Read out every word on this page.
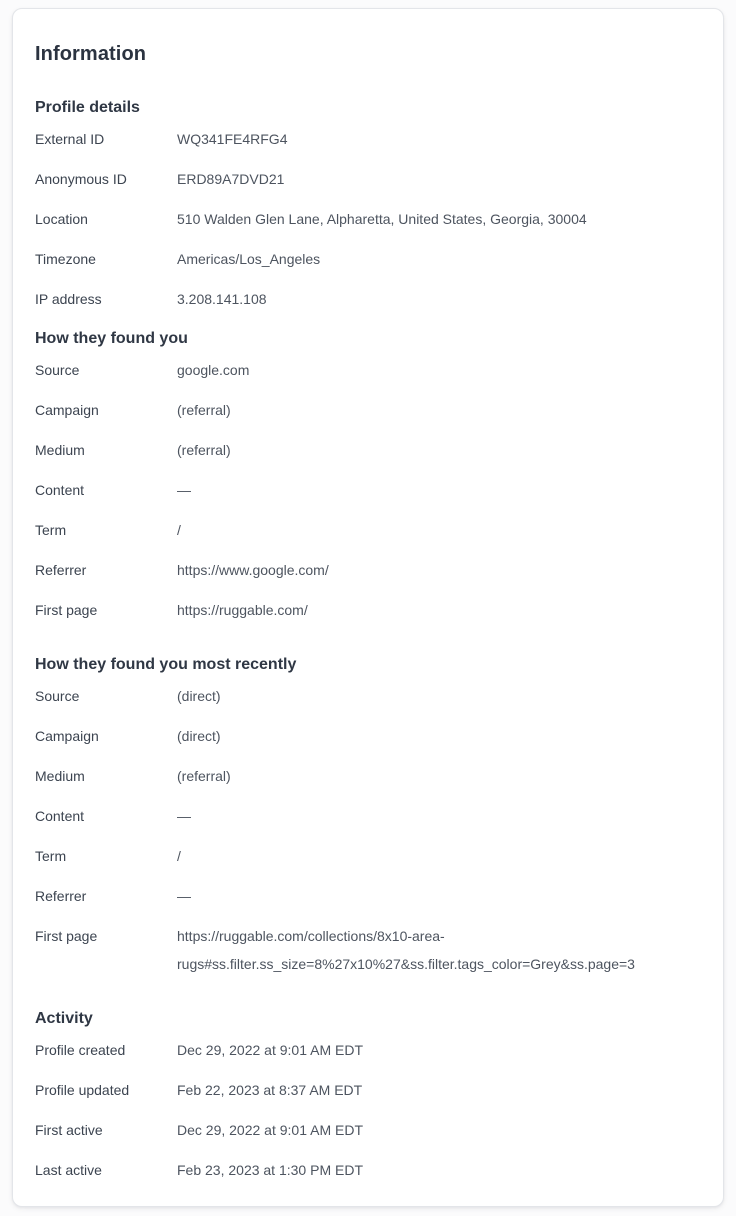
Information
Profile details
External ID	WQ341FE4RFG4
Anonymous ID	ERD89A7DVD21
Location	510 Walden Glen Lane, Alpharetta, United States, Georgia, 30004
Timezone	Americas/Los_Angeles
IP address	3.208.141.108
How they found you
Source	google.com
Campaign	(referral)
Medium	(referral)
Content	—
Term	/
Referrer	https://www.google.com/
First page	https://ruggable.com/
How they found you most recently
Source	(direct)
Campaign	(direct)
Medium	(referral)
Content	—
Term	/
Referrer	—
First page	https://ruggable.com/collections/8x10-area-rugs#ss.filter.ss_size=8%27x10%27&ss.filter.tags_color=Grey&ss.page=3
Activity
Profile created	Dec 29, 2022 at 9:01 AM EDT
Profile updated	Feb 22, 2023 at 8:37 AM EDT
First active	Dec 29, 2022 at 9:01 AM EDT
Last active	Feb 23, 2023 at 1:30 PM EDT
